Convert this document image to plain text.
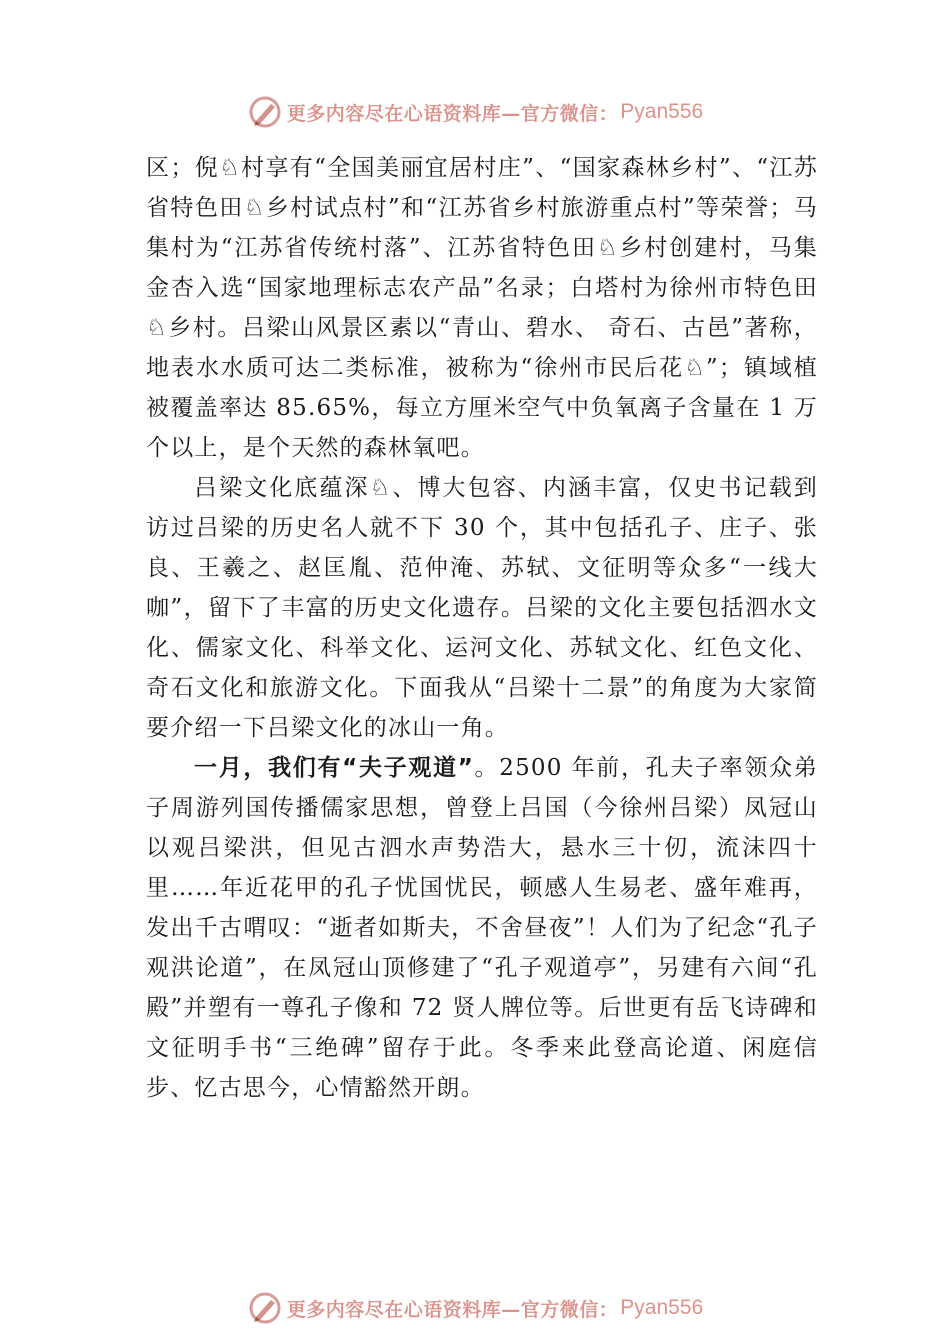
更多内容尽在心语资料库—官方微信： Pyan556

区；倪♘村享有“全国美丽宜居村庄”、“国家森林乡村”、“江苏省特色田♘乡村试点村”和“江苏省乡村旅游重点村”等荣誉；马集村为“江苏省传统村落”、江苏省特色田♘乡村创建村，马集金杏入选“国家地理标志农产品”名录；白塔村为徐州市特色田♘乡村。吕梁山风景区素以“青山、碧水、 奇石、古邑”著称，地表水水质可达二类标准，被称为“徐州市民后花♘”；镇域植被覆盖率达 85.65%，每立方厘米空气中负氧离子含量在 1 万个以上，是个天然的森林氧吧。

吕梁文化底蕴深♘、博大包容、内涵丰富，仅史书记载到访过吕梁的历史名人就不下 30 个，其中包括孔子、庄子、张良、王羲之、赵匡胤、范仲淹、苏轼、文征明等众多“一线大咖”，留下了丰富的历史文化遗存。吕梁的文化主要包括泗水文化、儒家文化、科举文化、运河文化、苏轼文化、红色文化、奇石文化和旅游文化。下面我从“吕梁十二景”的角度为大家简要介绍一下吕梁文化的冰山一角。

一月，我们有“夫子观道”。2500 年前，孔夫子率领众弟子周游列国传播儒家思想，曾登上吕国（今徐州吕梁）凤冠山以观吕梁洪，但见古泗水声势浩大，悬水三十仞，流沫四十里……年近花甲的孔子忧国忧民，顿感人生易老、盛年难再，发出千古喟叹：“逝者如斯夫，不舍昼夜”！人们为了纪念“孔子观洪论道”，在凤冠山顶修建了“孔子观道亭”，另建有六间“孔殿”并塑有一尊孔子像和 72 贤人牌位等。后世更有岳飞诗碑和文征明手书“三绝碑”留存于此。冬季来此登高论道、闲庭信步、忆古思今，心情豁然开朗。

更多内容尽在心语资料库—官方微信： Pyan556
